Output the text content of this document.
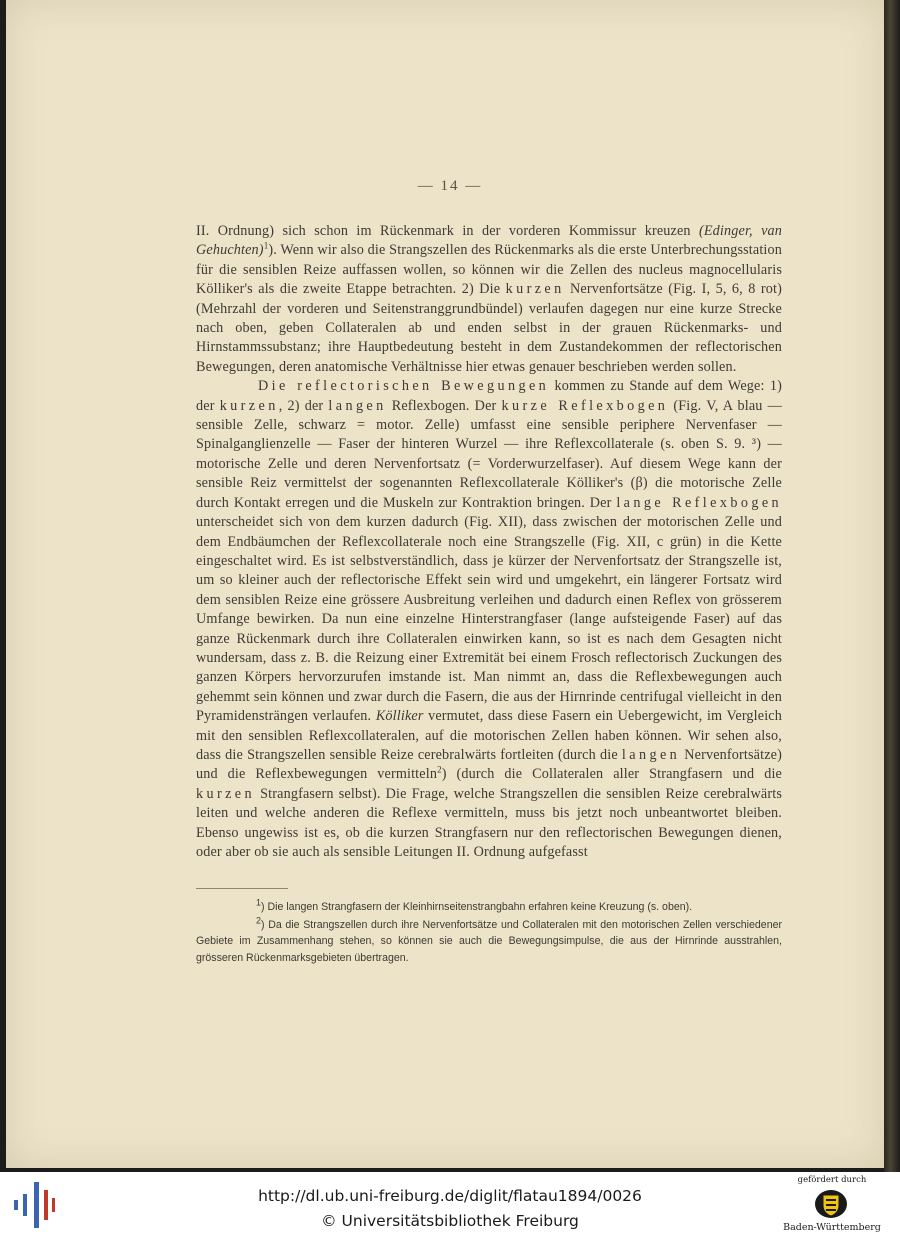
— 14 —

II. Ordnung) sich schon im Rückenmark in der vorderen Kommissur kreuzen (Edinger, van Gehuchten)$^1$). Wenn wir also die Strangszellen des Rückenmarks als die erste Unterbrechungsstation für die sensiblen Reize auffassen wollen, so können wir die Zellen des nucleus magnocellularis Kölliker's als die zweite Etappe betrachten. 2) Die kurzen Nervenfortsätze (Fig. I, 5, 6, 8 rot) (Mehrzahl der vorderen und Seitenstranggrundbündel) verlaufen dagegen nur eine kurze Strecke nach oben, geben Collateralen ab und enden selbst in der grauen Rückenmarks- und Hirnstammssubstanz; ihre Hauptbedeutung besteht in dem Zustandekommen der reflectorischen Bewegungen, deren anatomische Verhältnisse hier etwas genauer beschrieben werden sollen.

Die reflectorischen Bewegungen kommen zu Stande auf dem Wege: 1) der kurzen, 2) der langen Reflexbogen. Der kurze Reflexbogen (Fig. V, A blau — sensible Zelle, schwarz = motor. Zelle) umfasst eine sensible periphere Nervenfaser — Spinalganglienzelle — Faser der hinteren Wurzel — ihre Reflexcollaterale (s. oben S. 9. ³) — motorische Zelle und deren Nervenfortsatz (= Vorderwurzelfaser). Auf diesem Wege kann der sensible Reiz vermittelst der sogenannten Reflexcollaterale Kölliker's (β) die motorische Zelle durch Kontakt erregen und die Muskeln zur Kontraktion bringen. Der lange Reflexbogen unterscheidet sich von dem kurzen dadurch (Fig. XII), dass zwischen der motorischen Zelle und dem Endbäumchen der Reflexcollaterale noch eine Strangszelle (Fig. XII, c grün) in die Kette eingeschaltet wird. Es ist selbstverständlich, dass je kürzer der Nervenfortsatz der Strangszelle ist, um so kleiner auch der reflectorische Effekt sein wird und umgekehrt, ein längerer Fortsatz wird dem sensiblen Reize eine grössere Ausbreitung verleihen und dadurch einen Reflex von grösserem Umfange bewirken. Da nun eine einzelne Hinterstrangfaser (lange aufsteigende Faser) auf das ganze Rückenmark durch ihre Collateralen einwirken kann, so ist es nach dem Gesagten nicht wundersam, dass z. B. die Reizung einer Extremität bei einem Frosch reflectorisch Zuckungen des ganzen Körpers hervorzurufen imstande ist. Man nimmt an, dass die Reflexbewegungen auch gehemmt sein können und zwar durch die Fasern, die aus der Hirnrinde centrifugal vielleicht in den Pyramidensträngen verlaufen. Kölliker vermutet, dass diese Fasern ein Uebergewicht, im Vergleich mit den sensiblen Reflexcollateralen, auf die motorischen Zellen haben können. Wir sehen also, dass die Strangszellen sensible Reize cerebralwärts fortleiten (durch die langen Nervenfortsätze) und die Reflexbewegungen vermitteln$^2$) (durch die Collateralen aller Strangfasern und die kurzen Strangfasern selbst). Die Frage, welche Strangszellen die sensiblen Reize cerebralwärts leiten und welche anderen die Reflexe vermitteln, muss bis jetzt noch unbeantwortet bleiben. Ebenso ungewiss ist es, ob die kurzen Strangfasern nur den reflectorischen Bewegungen dienen, oder aber ob sie auch als sensible Leitungen II. Ordnung aufgefasst

$^1$) Die langen Strangfasern der Kleinhirnseitenstrangbahn erfahren keine Kreuzung (s. oben).

$^2$) Da die Strangszellen durch ihre Nervenfortsätze und Collateralen mit den motorischen Zellen verschiedener Gebiete im Zusammenhang stehen, so können sie auch die Bewegungsimpulse, die aus der Hirnrinde ausstrahlen, grösseren Rückenmarksgebieten übertragen.

http://dl.ub.uni-freiburg.de/diglit/flatau1894/0026
© Universitätsbibliothek Freiburg
gefördert durch
Baden-Württemberg
